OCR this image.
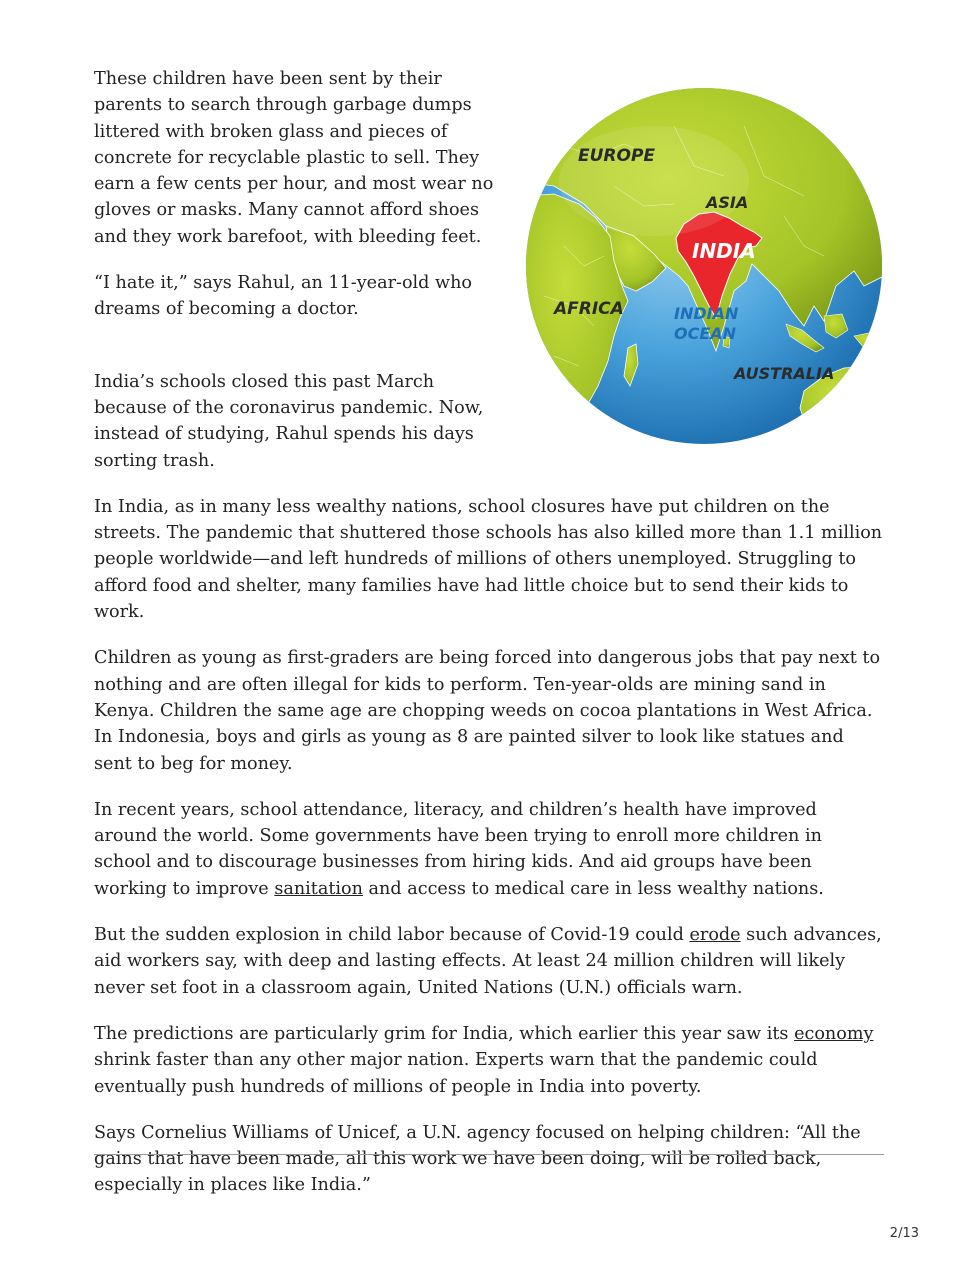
These children have been sent by their parents to search through garbage dumps littered with broken glass and pieces of concrete for recyclable plastic to sell. They earn a few cents per hour, and most wear no gloves or masks. Many cannot afford shoes and they work barefoot, with bleeding feet.

“I hate it,” says Rahul, an 11-year-old who dreams of becoming a doctor.

India’s schools closed this past March because of the coronavirus pandemic. Now, instead of studying, Rahul spends his days sorting trash.

In India, as in many less wealthy nations, school closures have put children on the streets. The pandemic that shuttered those schools has also killed more than 1.1 million people worldwide—and left hundreds of millions of others unemployed. Struggling to afford food and shelter, many families have had little choice but to send their kids to work.

Children as young as first-graders are being forced into dangerous jobs that pay next to nothing and are often illegal for kids to perform. Ten-year-olds are mining sand in Kenya. Children the same age are chopping weeds on cocoa plantations in West Africa. In Indonesia, boys and girls as young as 8 are painted silver to look like statues and sent to beg for money.

In recent years, school attendance, literacy, and children’s health have improved around the world. Some governments have been trying to enroll more children in school and to discourage businesses from hiring kids. And aid groups have been working to improve sanitation and access to medical care in less wealthy nations.

But the sudden explosion in child labor because of Covid-19 could erode such advances, aid workers say, with deep and lasting effects. At least 24 million children will likely never set foot in a classroom again, United Nations (U.N.) officials warn.

The predictions are particularly grim for India, which earlier this year saw its economy shrink faster than any other major nation. Experts warn that the pandemic could eventually push hundreds of millions of people in India into poverty.

Says Cornelius Williams of Unicef, a U.N. agency focused on helping children: “All the gains that have been made, all this work we have been doing, will be rolled back, especially in places like India.”

EUROPE
ASIA
INDIA
AFRICA	INDIAN
OCEAN
AUSTRALIA
2/13
